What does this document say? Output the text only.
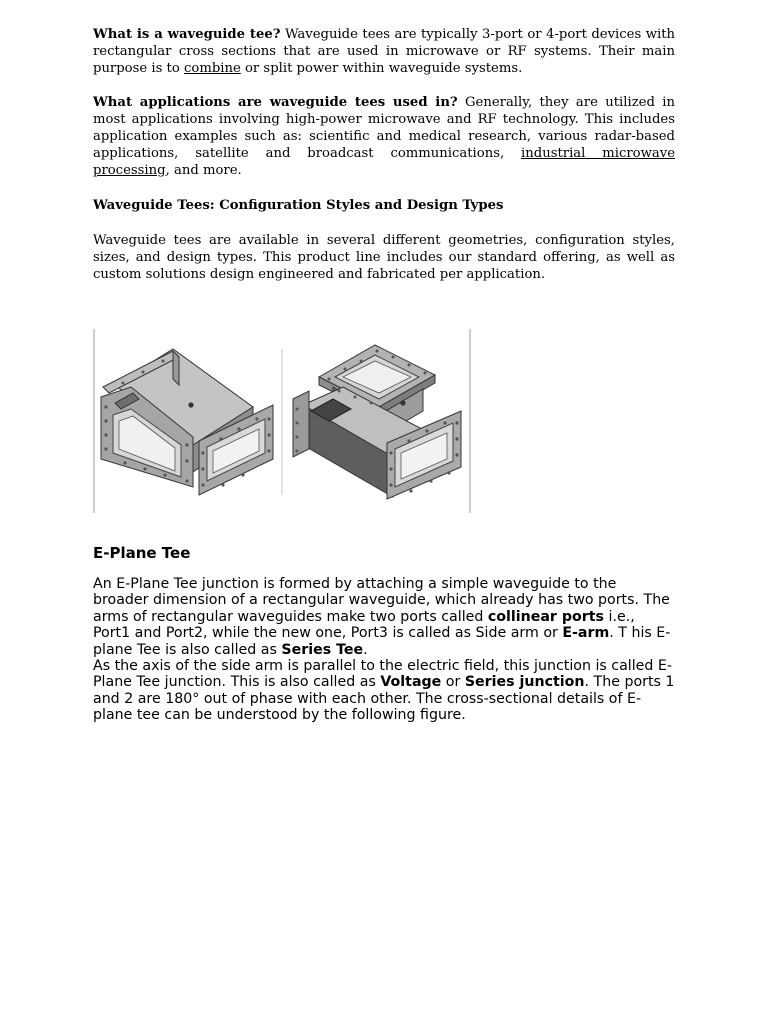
What is a waveguide tee? Waveguide tees are typically 3-port or 4-port devices with rectangular cross sections that are used in microwave or RF systems. Their main purpose is to combine or split power within waveguide systems.

What applications are waveguide tees used in? Generally, they are utilized in most applications involving high-power microwave and RF technology. This includes application examples such as: scientific and medical research, various radar-based applications, satellite and broadcast communications, industrial microwave processing, and more.

Waveguide Tees: Configuration Styles and Design Types

Waveguide tees are available in several different geometries, configuration styles, sizes, and design types. This product line includes our standard offering, as well as custom solutions design engineered and fabricated per application.

E-Plane Tee

An E-Plane Tee junction is formed by attaching a simple waveguide to the broader dimension of a rectangular waveguide, which already has two ports. The arms of rectangular waveguides make two ports called collinear ports i.e., Port1 and Port2, while the new one, Port3 is called as Side arm or E-arm. T his E-plane Tee is also called as Series Tee.

As the axis of the side arm is parallel to the electric field, this junction is called E-Plane Tee junction. This is also called as Voltage or Series junction. The ports 1 and 2 are 180° out of phase with each other. The cross-sectional details of E-plane tee can be understood by the following figure.
